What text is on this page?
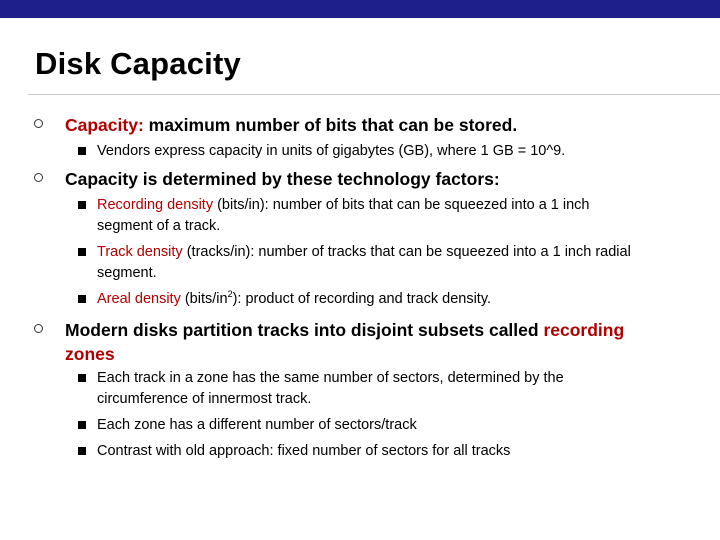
Disk Capacity
Capacity: maximum number of bits that can be stored.
Vendors express capacity in units of gigabytes (GB), where 1 GB = 10^9.
Capacity is determined by these technology factors:
Recording density (bits/in): number of bits that can be squeezed into a 1 inch segment of a track.
Track density (tracks/in): number of tracks that can be squeezed into a 1 inch radial segment.
Areal density $(bits/in^2)$: product of recording and track density.
Modern disks partition tracks into disjoint subsets called recording zones
Each track in a zone has the same number of sectors, determined by the circumference of innermost track.
Each zone has a different number of sectors/track
Contrast with old approach: fixed number of sectors for all tracks
